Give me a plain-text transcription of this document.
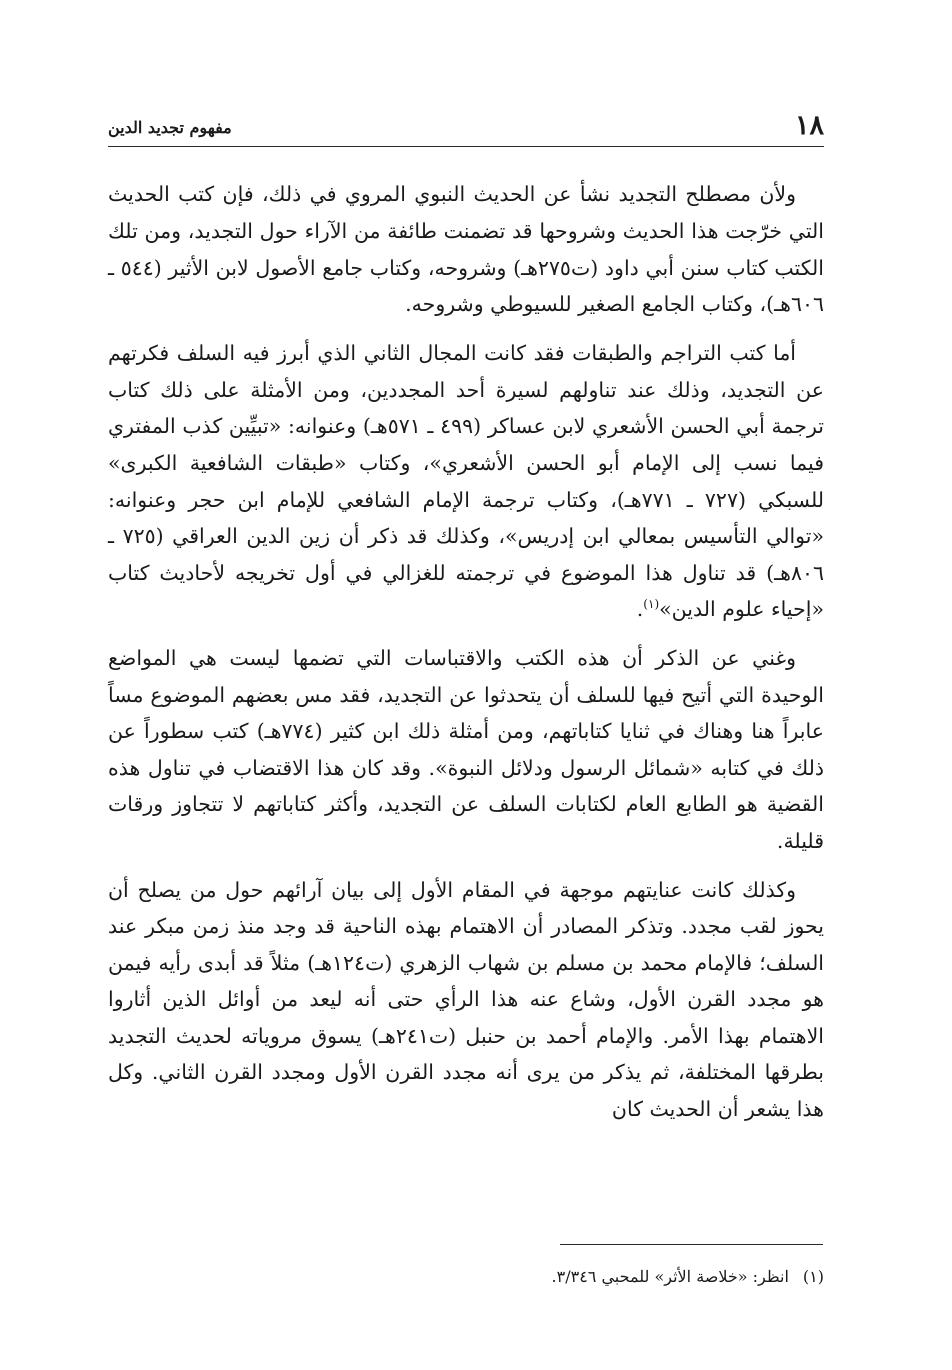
١٨
مفهوم تجديد الدين

ولأن مصطلح التجديد نشأ عن الحديث النبوي المروي في ذلك، فإن كتب الحديث التي خرّجت هذا الحديث وشروحها قد تضمنت طائفة من الآراء حول التجديد، ومن تلك الكتب كتاب سنن أبي داود (ت٢٧٥هـ) وشروحه، وكتاب جامع الأصول لابن الأثير (٥٤٤ ـ ٦٠٦هـ)، وكتاب الجامع الصغير للسيوطي وشروحه.

أما كتب التراجم والطبقات فقد كانت المجال الثاني الذي أبرز فيه السلف فكرتهم عن التجديد، وذلك عند تناولهم لسيرة أحد المجددين، ومن الأمثلة على ذلك كتاب ترجمة أبي الحسن الأشعري لابن عساكر (٤٩٩ ـ ٥٧١هـ) وعنوانه: «تبيِّين كذب المفتري فيما نسب إلى الإمام أبو الحسن الأشعري»، وكتاب «طبقات الشافعية الكبرى» للسبكي (٧٢٧ ـ ٧٧١هـ)، وكتاب ترجمة الإمام الشافعي للإمام ابن حجر وعنوانه: «توالي التأسيس بمعالي ابن إدريس»، وكذلك قد ذكر أن زين الدين العراقي (٧٢٥ ـ ٨٠٦هـ) قد تناول هذا الموضوع في ترجمته للغزالي في أول تخريجه لأحاديث كتاب «إحياء علوم الدين»$^{(١)}$.

وغني عن الذكر أن هذه الكتب والاقتباسات التي تضمها ليست هي المواضع الوحيدة التي أتيح فيها للسلف أن يتحدثوا عن التجديد، فقد مس بعضهم الموضوع مساً عابراً هنا وهناك في ثنايا كتاباتهم، ومن أمثلة ذلك ابن كثير (٧٧٤هـ) كتب سطوراً عن ذلك في كتابه «شمائل الرسول ودلائل النبوة». وقد كان هذا الاقتضاب في تناول هذه القضية هو الطابع العام لكتابات السلف عن التجديد، وأكثر كتاباتهم لا تتجاوز ورقات قليلة.

وكذلك كانت عنايتهم موجهة في المقام الأول إلى بيان آرائهم حول من يصلح أن يحوز لقب مجدد. وتذكر المصادر أن الاهتمام بهذه الناحية قد وجد منذ زمن مبكر عند السلف؛ فالإمام محمد بن مسلم بن شهاب الزهري (ت١٢٤هـ) مثلاً قد أبدى رأيه فيمن هو مجدد القرن الأول، وشاع عنه هذا الرأي حتى أنه ليعد من أوائل الذين أثاروا الاهتمام بهذا الأمر. والإمام أحمد بن حنبل (ت٢٤١هـ) يسوق مروياته لحديث التجديد بطرقها المختلفة، ثم يذكر من يرى أنه مجدد القرن الأول ومجدد القرن الثاني. وكل هذا يشعر أن الحديث كان

(١)انظر: «خلاصة الأثر» للمحبي ٣/٣٤٦.
